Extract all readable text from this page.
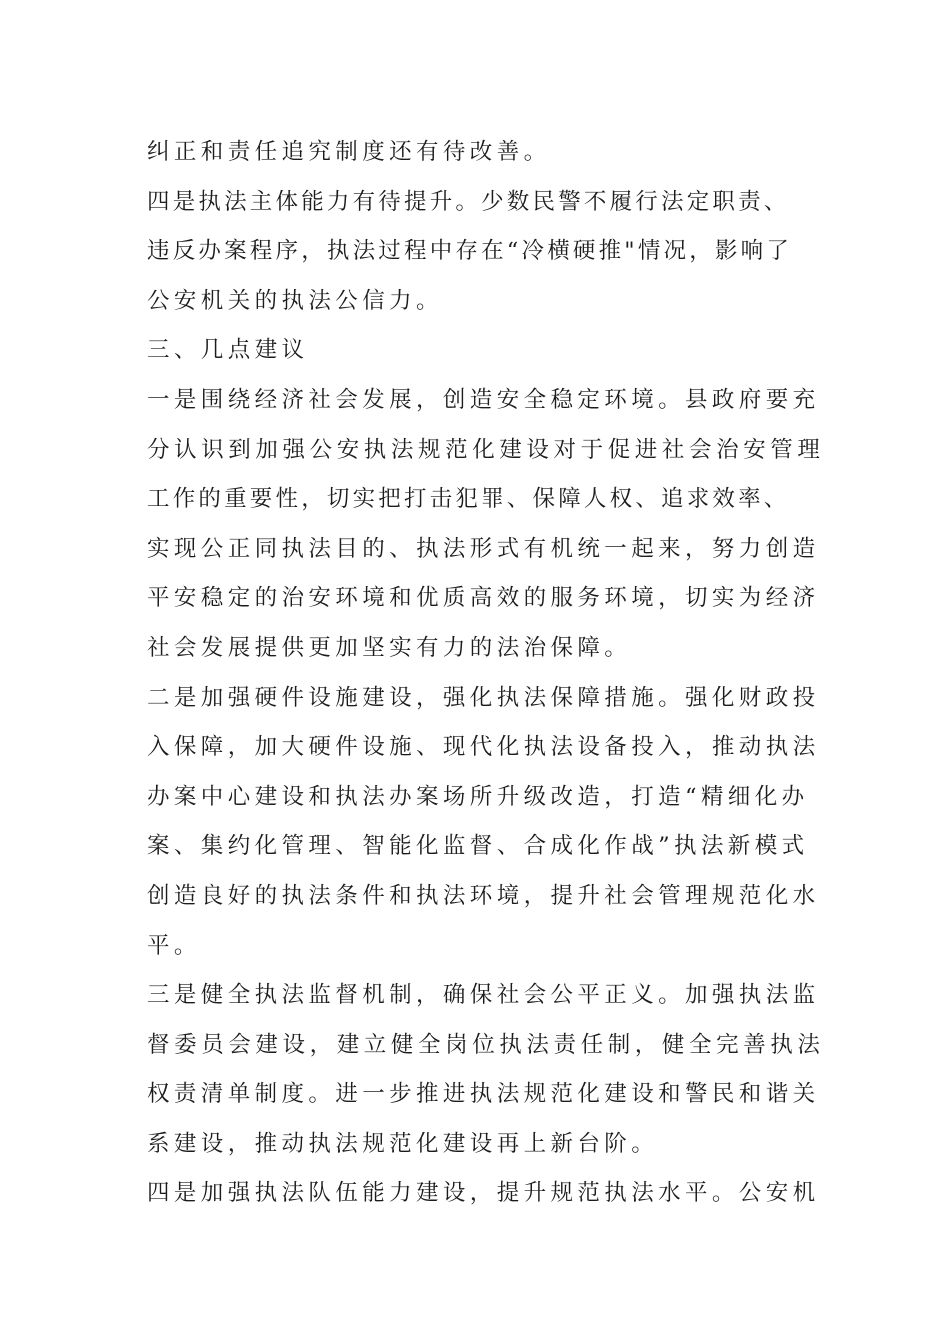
纠正和责任追究制度还有待改善。
四是执法主体能力有待提升。少数民警不履行法定职责、
违反办案程序，执法过程中存在“冷横硬推"情况，影响了
公安机关的执法公信力。
三、几点建议
一是围绕经济社会发展，创造安全稳定环境。县政府要充
分认识到加强公安执法规范化建设对于促进社会治安管理
工作的重要性，切实把打击犯罪、保障人权、追求效率、
实现公正同执法目的、执法形式有机统一起来，努力创造
平安稳定的治安环境和优质高效的服务环境，切实为经济
社会发展提供更加坚实有力的法治保障。
二是加强硬件设施建设，强化执法保障措施。强化财政投
入保障，加大硬件设施、现代化执法设备投入，推动执法
办案中心建设和执法办案场所升级改造，打造“精细化办
案、集约化管理、智能化监督、合成化作战”执法新模式
创造良好的执法条件和执法环境，提升社会管理规范化水
平。
三是健全执法监督机制，确保社会公平正义。加强执法监
督委员会建设，建立健全岗位执法责任制，健全完善执法
权责清单制度。进一步推进执法规范化建设和警民和谐关
系建设，推动执法规范化建设再上新台阶。
四是加强执法队伍能力建设，提升规范执法水平。公安机
